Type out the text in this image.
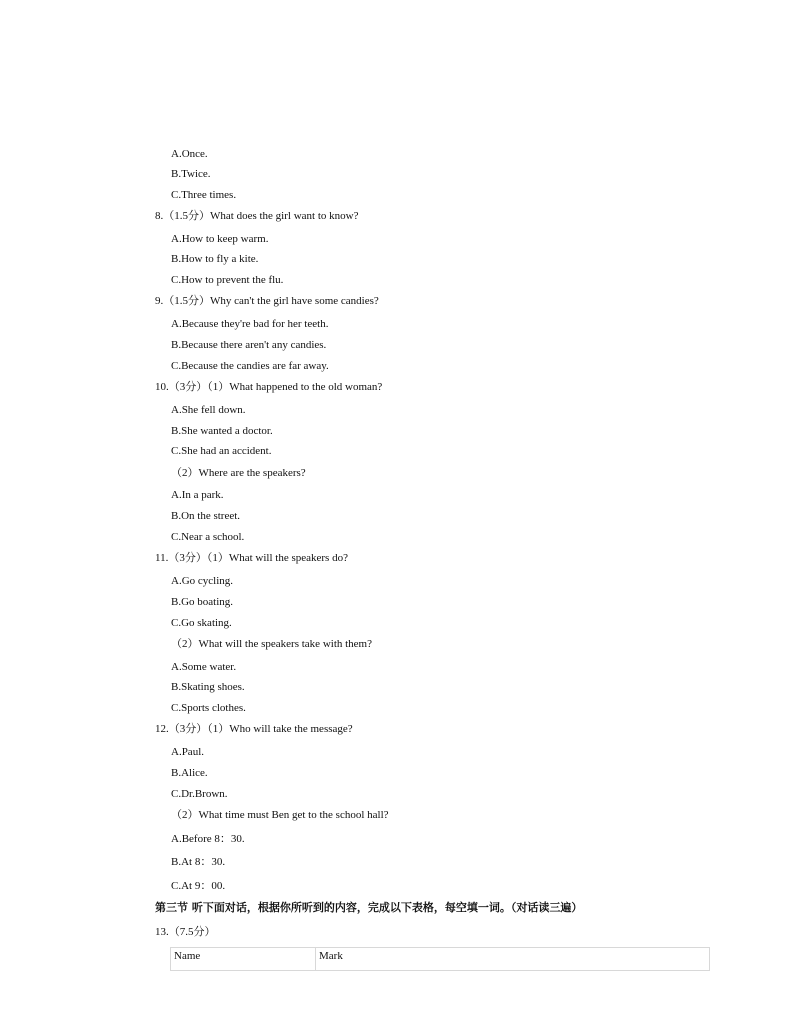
A.Once.
B.Twice.
C.Three times.
8.（1.5分）What does the girl want to know?
A.How to keep warm.
B.How to fly a kite.
C.How to prevent the flu.
9.（1.5分）Why can't the girl have some candies?
A.Because they're bad for her teeth.
B.Because there aren't any candies.
C.Because the candies are far away.
10.（3分）（1）What happened to the old woman?
A.She fell down.
B.She wanted a doctor.
C.She had an accident.
（2）Where are the speakers?
A.In a park.
B.On the street.
C.Near a school.
11.（3分）（1）What will the speakers do?
A.Go cycling.
B.Go boating.
C.Go skating.
（2）What will the speakers take with them?
A.Some water.
B.Skating shoes.
C.Sports clothes.
12.（3分）（1）Who will take the message?
A.Paul.
B.Alice.
C.Dr.Brown.
（2）What time must Ben get to the school hall?
A.Before 8：30.
B.At 8：30.
C.At 9：00.
第三节 听下面对话，根据你所听到的内容，完成以下表格，每空填一词。（对话读三遍）
13.（7.5分）
Name	Mark
